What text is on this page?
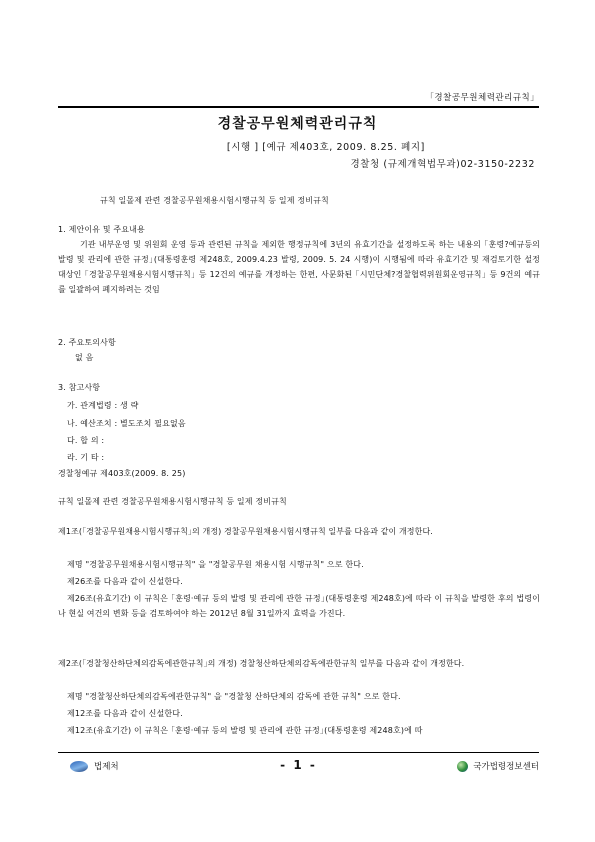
｢경찰공무원체력관리규칙｣
경찰공무원체력관리규칙
[시행 ] [예규 제403호, 2009. 8.25. 폐지]
경찰청 (규제개혁법무과)02-3150-2232
규칙 일몰제 관련 경찰공무원채용시험시행규칙 등 일제 정비규칙
1. 제안이유 및 주요내용
기관 내부운영 및 위원회 운영 등과 관련된 규칙을 제외한 행정규칙에 3년의 유효기간을 설정하도록 하는 내용의 ｢훈령?예규등의 발령 및 관리에 관한 규정｣(대통령훈령 제248호, 2009.4.23 발령, 2009. 5. 24 시행)이 시행됨에 따라 유효기간 및 재검토기한 설정 대상인 ｢경찰공무원채용시험시행규칙｣ 등 12건의 예규를 개정하는 한편, 사문화된 ｢시민단체?경찰협력위원회운영규칙｣ 등 9건의 예규를 일괄하여 폐지하려는 것임
2. 주요토의사항
없 음
3. 참고사항
가. 관계법령 : 생 략
나. 예산조치 : 별도조치 필요없음
다. 합 의 :
라. 기 타 :
경찰청예규 제403호(2009. 8. 25)
규칙 일몰제 관련 경찰공무원채용시험시행규칙 등 일제 정비규칙
제1조(｢경찰공무원채용시험시행규칙｣의 개정) 경찰공무원채용시험시행규칙 일부를 다음과 같이 개정한다.
제명 "경찰공무원채용시험시행규칙" 을 "경찰공무원 채용시험 시행규칙" 으로 한다.
제26조를 다음과 같이 신설한다.
제26조(유효기간) 이 규칙은 ｢훈령·예규 등의 발령 및 관리에 관한 규정｣(대통령훈령 제248호)에 따라 이 규칙을 발령한 후의 법령이나 현실 여건의 변화 등을 검토하여야 하는 2012년 8월 31일까지 효력을 가진다.
제2조(｢경찰청산하단체의감독에관한규칙｣의 개정) 경찰청산하단체의감독에관한규칙 일부를 다음과 같이 개정한다.
제명 "경찰청산하단체의감독에관한규칙" 을 "경찰청 산하단체의 감독에 관한 규칙" 으로 한다.
제12조를 다음과 같이 신설한다.
제12조(유효기간) 이 규칙은 ｢훈령·예규 등의 발령 및 관리에 관한 규정｣(대통령훈령 제248호)에 따
법제처	- 1 -	국가법령정보센터
